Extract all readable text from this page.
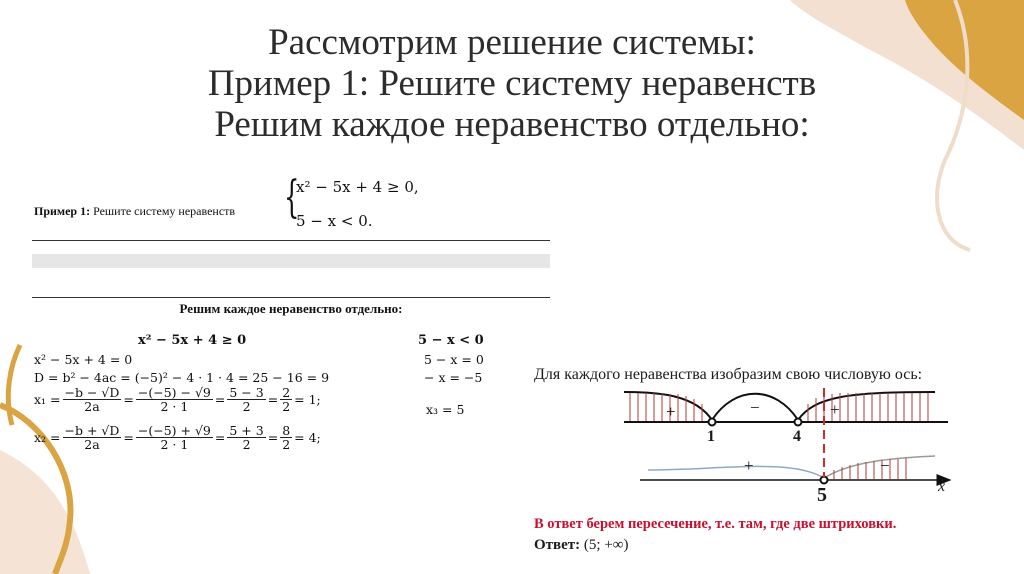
Рассмотрим решение системы:
Пример 1: Решите систему неравенств
Решим каждое неравенство отдельно:
Пример 1: Решите систему неравенств {
x² − 5x + 4 ≥ 0,
5 − x < 0.
Решим каждое неравенство отдельно:
x² − 5x + 4 ≥ 0
x² − 5x + 4 = 0
D = b² − 4ac = (−5)² − 4 · 1 · 4 = 25 − 16 = 9
$x_1 = \frac{-b - √D}{2a} = \frac{-(-5) - √9}{2 \cdot 1} = \frac{5 - 3}{2} = \frac{2}{2} = 1$;
$x_2 = \frac{-b + √D}{2a} = \frac{-(-5) + √9}{2 \cdot 1} = \frac{5 + 3}{2} = \frac{8}{2} = 4$;
5 − x < 0
5 − x = 0
− x = −5
x₃ = 5
Для каждого неравенства изобразим свою числовую ось:
+	−	+
1	4
+	−
5	x
В ответ берем пересечение, т.е. там, где две штриховки.
Ответ: (5; +∞)
